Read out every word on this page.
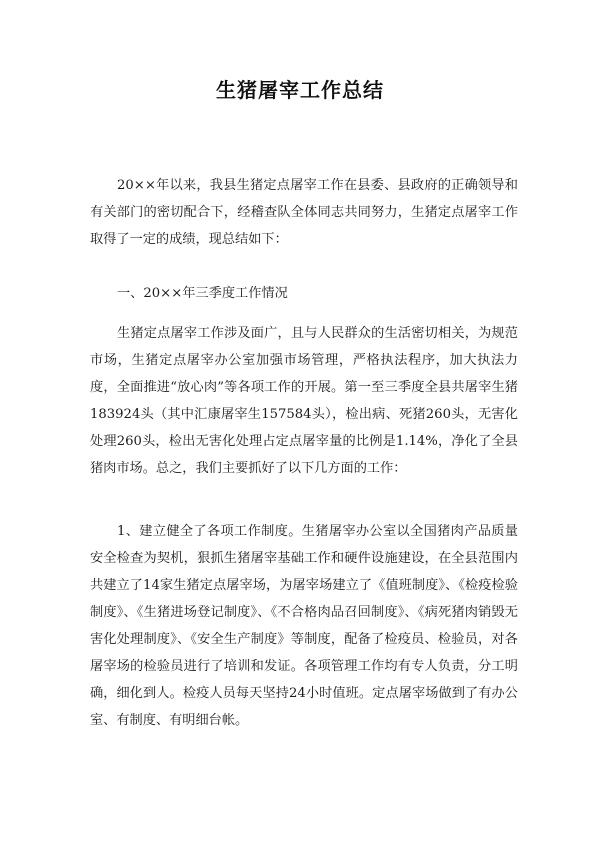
生猪屠宰工作总结

20××年以来，我县生猪定点屠宰工作在县委、县政府的正确领导和有关部门的密切配合下，经稽查队全体同志共同努力，生猪定点屠宰工作取得了一定的成绩，现总结如下：

一、20××年三季度工作情况

生猪定点屠宰工作涉及面广，且与人民群众的生活密切相关，为规范市场，生猪定点屠宰办公室加强市场管理，严格执法程序，加大执法力度，全面推进“放心肉”等各项工作的开展。第一至三季度全县共屠宰生猪183924头（其中汇康屠宰生157584头），检出病、死猪260头，无害化处理260头，检出无害化处理占定点屠宰量的比例是1.14%，净化了全县猪肉市场。总之，我们主要抓好了以下几方面的工作：

1、建立健全了各项工作制度。生猪屠宰办公室以全国猪肉产品质量安全检查为契机，狠抓生猪屠宰基础工作和硬件设施建设，在全县范围内共建立了14家生猪定点屠宰场，为屠宰场建立了《值班制度》、《检疫检验制度》、《生猪进场登记制度》、《不合格肉品召回制度》、《病死猪肉销毁无害化处理制度》、《安全生产制度》等制度，配备了检疫员、检验员，对各屠宰场的检验员进行了培训和发证。各项管理工作均有专人负责，分工明确，细化到人。检疫人员每天坚持24小时值班。定点屠宰场做到了有办公室、有制度、有明细台帐。
